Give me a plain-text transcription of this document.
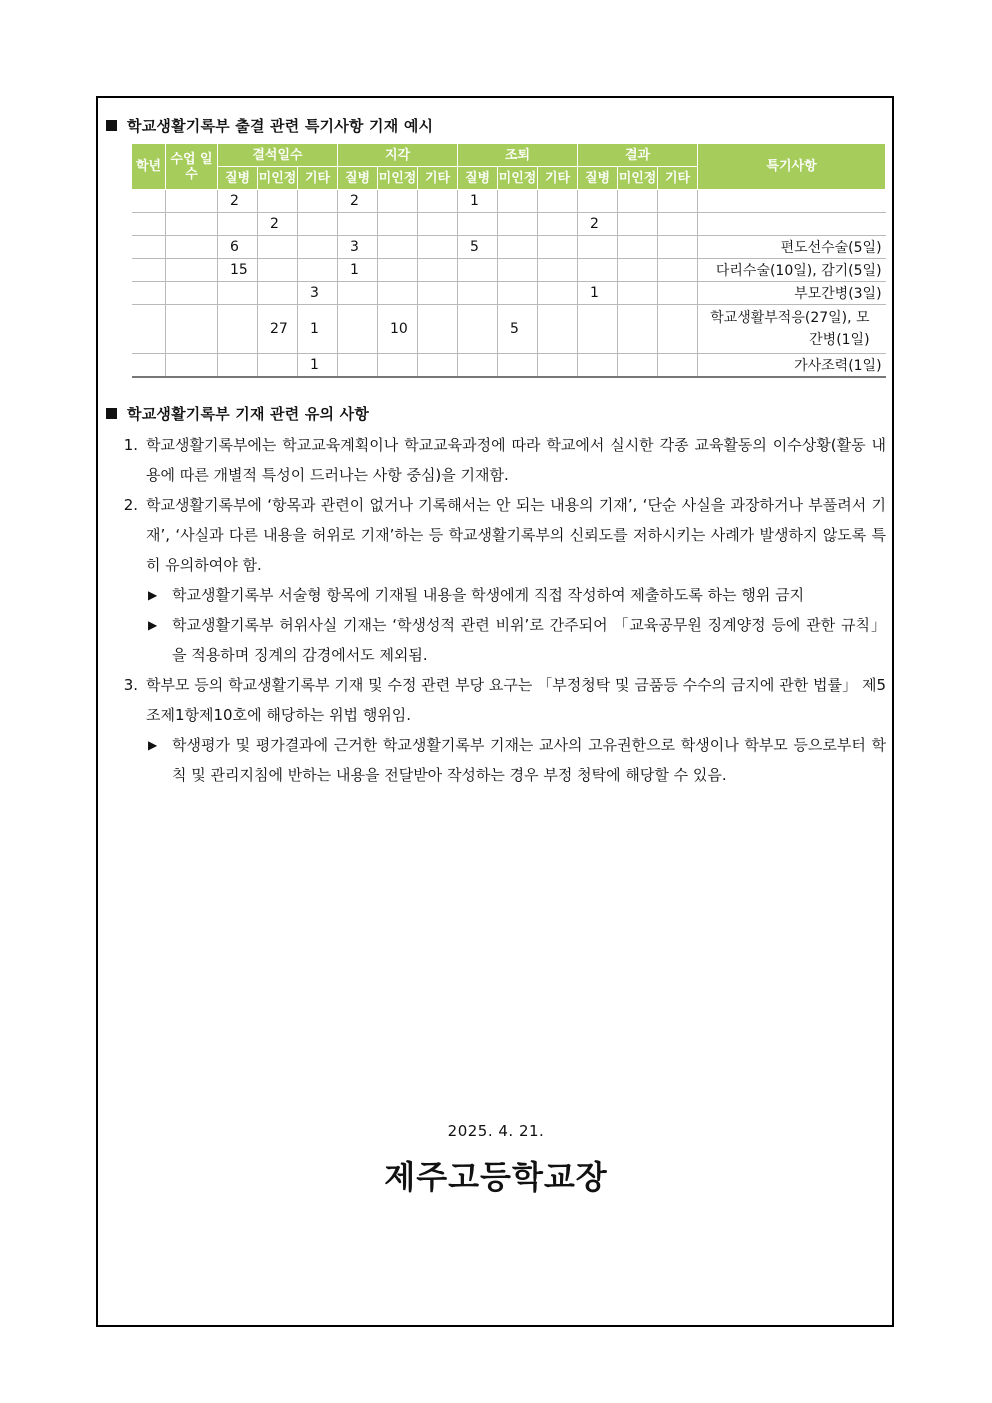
학교생활기록부 출결 관련 특기사항 기재 예시
학년	수업 일수	결석일수			지각			조퇴			결과			특기사항
		질병	미인정	기타	질병	미인정	기타	질병	미인정	기타	질병	미인정	기타	
		2			2			1						
			2								2			
		6			3			5						편도선수술(5일)
		15			1									다리수술(10일), 감기(5일)
				3							1			부모간병(3일)
			27	1		10			5					학교생활부적응(27일), 모간병(1일)
				1										가사조력(1일)
학교생활기록부 기재 관련 유의 사항
1. 학교생활기록부에는 학교교육계획이나 학교교육과정에 따라 학교에서 실시한 각종 교육활동의 이수상황(활동 내용에 따른 개별적 특성이 드러나는 사항 중심)을 기재함.
2. 학교생활기록부에 ‘항목과 관련이 없거나 기록해서는 안 되는 내용의 기재’, ‘단순 사실을 과장하거나 부풀려서 기재’, ‘사실과 다른 내용을 허위로 기재’하는 등 학교생활기록부의 신뢰도를 저하시키는 사례가 발생하지 않도록 특히 유의하여야 함.
▶ 학교생활기록부 서술형 항목에 기재될 내용을 학생에게 직접 작성하여 제출하도록 하는 행위 금지
▶ 학교생활기록부 허위사실 기재는 ‘학생성적 관련 비위’로 간주되어 「교육공무원 징계양정 등에 관한 규칙」을 적용하며 징계의 감경에서도 제외됨.
3. 학부모 등의 학교생활기록부 기재 및 수정 관련 부당 요구는 「부정청탁 및 금품등 수수의 금지에 관한 법률」 제5조제1항제10호에 해당하는 위법 행위임.
▶ 학생평가 및 평가결과에 근거한 학교생활기록부 기재는 교사의 고유권한으로 학생이나 학부모 등으로부터 학칙 및 관리지침에 반하는 내용을 전달받아 작성하는 경우 부정 청탁에 해당할 수 있음.
2025. 4. 21.
제주고등학교장
